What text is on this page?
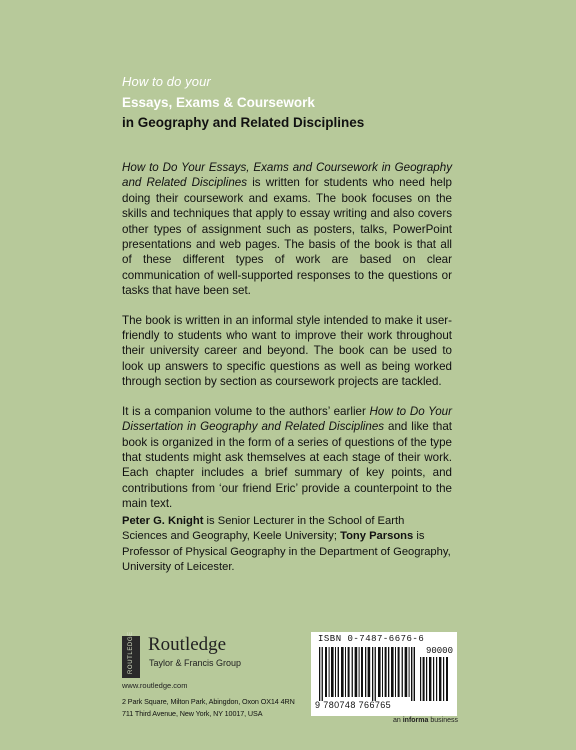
How to do your
Essays, Exams & Coursework
in Geography and Related Disciplines

How to Do Your Essays, Exams and Coursework in Geography and Related Disciplines is written for students who need help doing their coursework and exams. The book focuses on the skills and techniques that apply to essay writing and also covers other types of assignment such as posters, talks, PowerPoint presentations and web pages. The basis of the book is that all of these different types of work are based on clear communication of well-supported responses to the questions or tasks that have been set.

The book is written in an informal style intended to make it user-friendly to students who want to improve their work throughout their university career and beyond. The book can be used to look up answers to specific questions as well as being worked through section by section as coursework projects are tackled.

It is a companion volume to the authors’ earlier How to Do Your Dissertation in Geography and Related Disciplines and like that book is organized in the form of a series of questions of the type that students might ask themselves at each stage of their work. Each chapter includes a brief summary of key points, and contributions from ‘our friend Eric’ provide a counterpoint to the main text.

Peter G. Knight is Senior Lecturer in the School of Earth Sciences and Geography, Keele University; Tony Parsons is Professor of Physical Geography in the Department of Geography, University of Leicester.
ROUTLEDGE Routledge
Taylor & Francis Group
www.routledge.com
2 Park Square, Milton Park, Abingdon, Oxon OX14 4RN
711 Third Avenue, New York, NY 10017, USA
ISBN 0-7487-6676-6
90000
9 780748 766765
an informa business
